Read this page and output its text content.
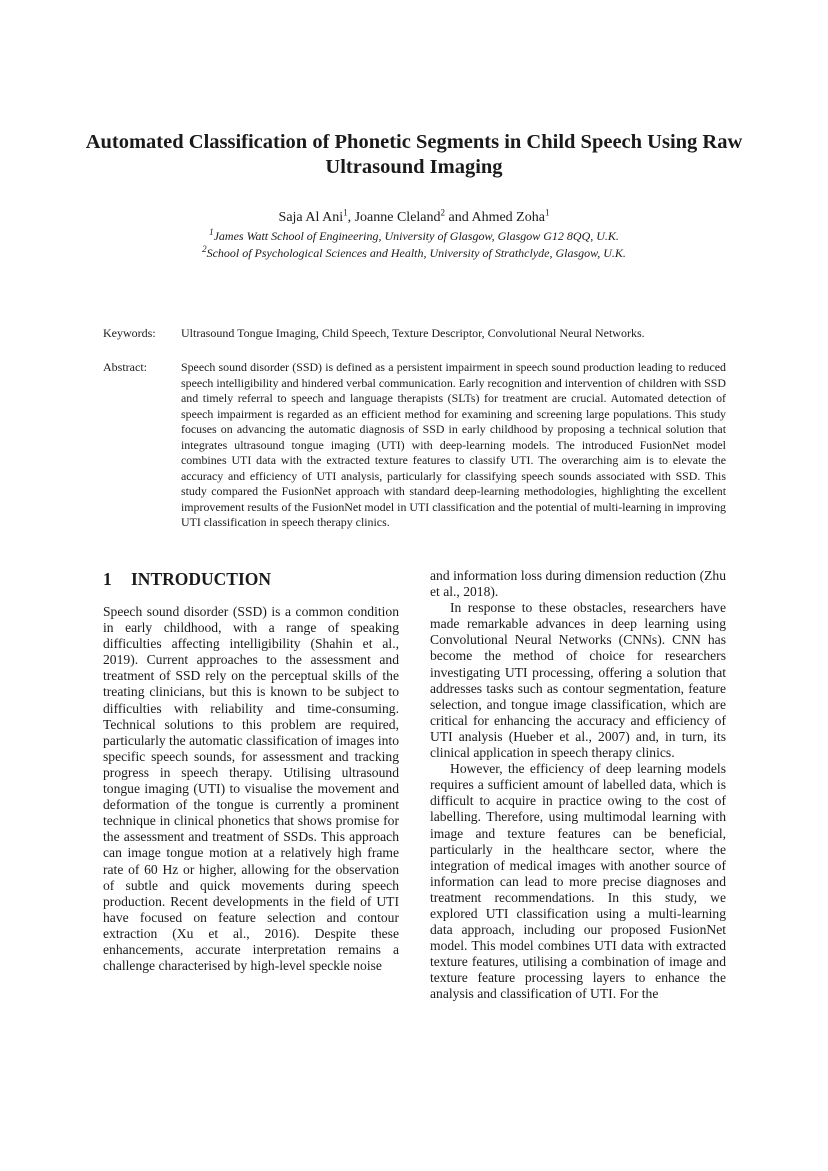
Automated Classification of Phonetic Segments in Child Speech Using Raw Ultrasound Imaging
Saja Al Ani$^1$, Joanne Cleland$^2$ and Ahmed Zoha$^1$
$^1$James Watt School of Engineering, University of Glasgow, Glasgow G12 8QQ, U.K.
$^2$School of Psychological Sciences and Health, University of Strathclyde, Glasgow, U.K.
Keywords: Ultrasound Tongue Imaging, Child Speech, Texture Descriptor, Convolutional Neural Networks.
Abstract:	Speech sound disorder (SSD) is defined as a persistent impairment in speech sound production leading to reduced speech intelligibility and hindered verbal communication. Early recognition and intervention of children with SSD and timely referral to speech and language therapists (SLTs) for treatment are crucial. Automated detection of speech impairment is regarded as an efficient method for examining and screening large populations. This study focuses on advancing the automatic diagnosis of SSD in early childhood by proposing a technical solution that integrates ultrasound tongue imaging (UTI) with deep-learning models. The introduced FusionNet model combines UTI data with the extracted texture features to classify UTI. The overarching aim is to elevate the accuracy and efficiency of UTI analysis, particularly for classifying speech sounds associated with SSD. This study compared the FusionNet approach with standard deep-learning methodologies, highlighting the excellent improvement results of the FusionNet model in UTI classification and the potential of multi-learning in improving UTI classification in speech therapy clinics.

1 INTRODUCTION

Speech sound disorder (SSD) is a common condition in early childhood, with a range of speaking difficulties affecting intelligibility (Shahin et al., 2019). Current approaches to the assessment and treatment of SSD rely on the perceptual skills of the treating clinicians, but this is known to be subject to difficulties with reliability and time-consuming. Technical solutions to this problem are required, particularly the automatic classification of images into specific speech sounds, for assessment and tracking progress in speech therapy. Utilising ultrasound tongue imaging (UTI) to visualise the movement and deformation of the tongue is currently a prominent technique in clinical phonetics that shows promise for the assessment and treatment of SSDs. This approach can image tongue motion at a relatively high frame rate of 60 Hz or higher, allowing for the observation of subtle and quick movements during speech production. Recent developments in the field of UTI have focused on feature selection and contour extraction (Xu et al., 2016). Despite these enhancements, accurate interpretation remains a challenge characterised by high-level speckle noise

and information loss during dimension reduction (Zhu et al., 2018).

In response to these obstacles, researchers have made remarkable advances in deep learning using Convolutional Neural Networks (CNNs). CNN has become the method of choice for researchers investigating UTI processing, offering a solution that addresses tasks such as contour segmentation, feature selection, and tongue image classification, which are critical for enhancing the accuracy and efficiency of UTI analysis (Hueber et al., 2007) and, in turn, its clinical application in speech therapy clinics.

However, the efficiency of deep learning models requires a sufficient amount of labelled data, which is difficult to acquire in practice owing to the cost of labelling. Therefore, using multimodal learning with image and texture features can be beneficial, particularly in the healthcare sector, where the integration of medical images with another source of information can lead to more precise diagnoses and treatment recommendations. In this study, we explored UTI classification using a multi-learning data approach, including our proposed FusionNet model. This model combines UTI data with extracted texture features, utilising a combination of image and texture feature processing layers to enhance the analysis and classification of UTI. For the
